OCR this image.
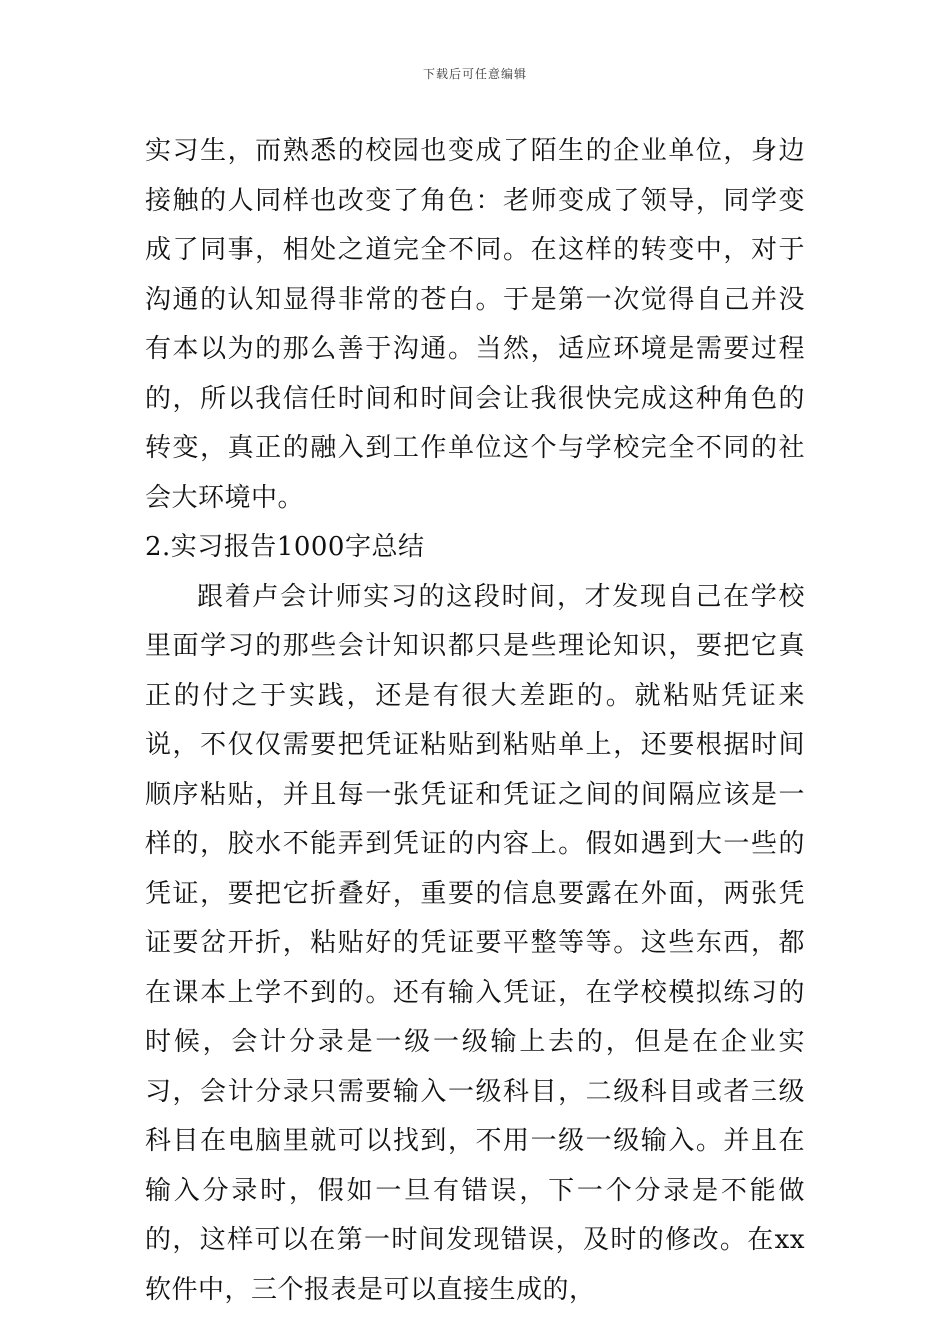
下载后可任意编辑

实习生，而熟悉的校园也变成了陌生的企业单位，身边接触的人同样也改变了角色：老师变成了领导，同学变成了同事，相处之道完全不同。在这样的转变中，对于沟通的认知显得非常的苍白。于是第一次觉得自己并没有本以为的那么善于沟通。当然，适应环境是需要过程的，所以我信任时间和时间会让我很快完成这种角色的转变，真正的融入到工作单位这个与学校完全不同的社会大环境中。

2.实习报告1000字总结

跟着卢会计师实习的这段时间，才发现自己在学校里面学习的那些会计知识都只是些理论知识，要把它真正的付之于实践，还是有很大差距的。就粘贴凭证来说，不仅仅需要把凭证粘贴到粘贴单上，还要根据时间顺序粘贴，并且每一张凭证和凭证之间的间隔应该是一样的，胶水不能弄到凭证的内容上。假如遇到大一些的凭证，要把它折叠好，重要的信息要露在外面，两张凭证要岔开折，粘贴好的凭证要平整等等。这些东西，都在课本上学不到的。还有输入凭证，在学校模拟练习的时候，会计分录是一级一级输上去的，但是在企业实习，会计分录只需要输入一级科目，二级科目或者三级科目在电脑里就可以找到，不用一级一级输入。并且在输入分录时，假如一旦有错误，下一个分录是不能做的，这样可以在第一时间发现错误，及时的修改。在xx软件中，三个报表是可以直接生成的，
